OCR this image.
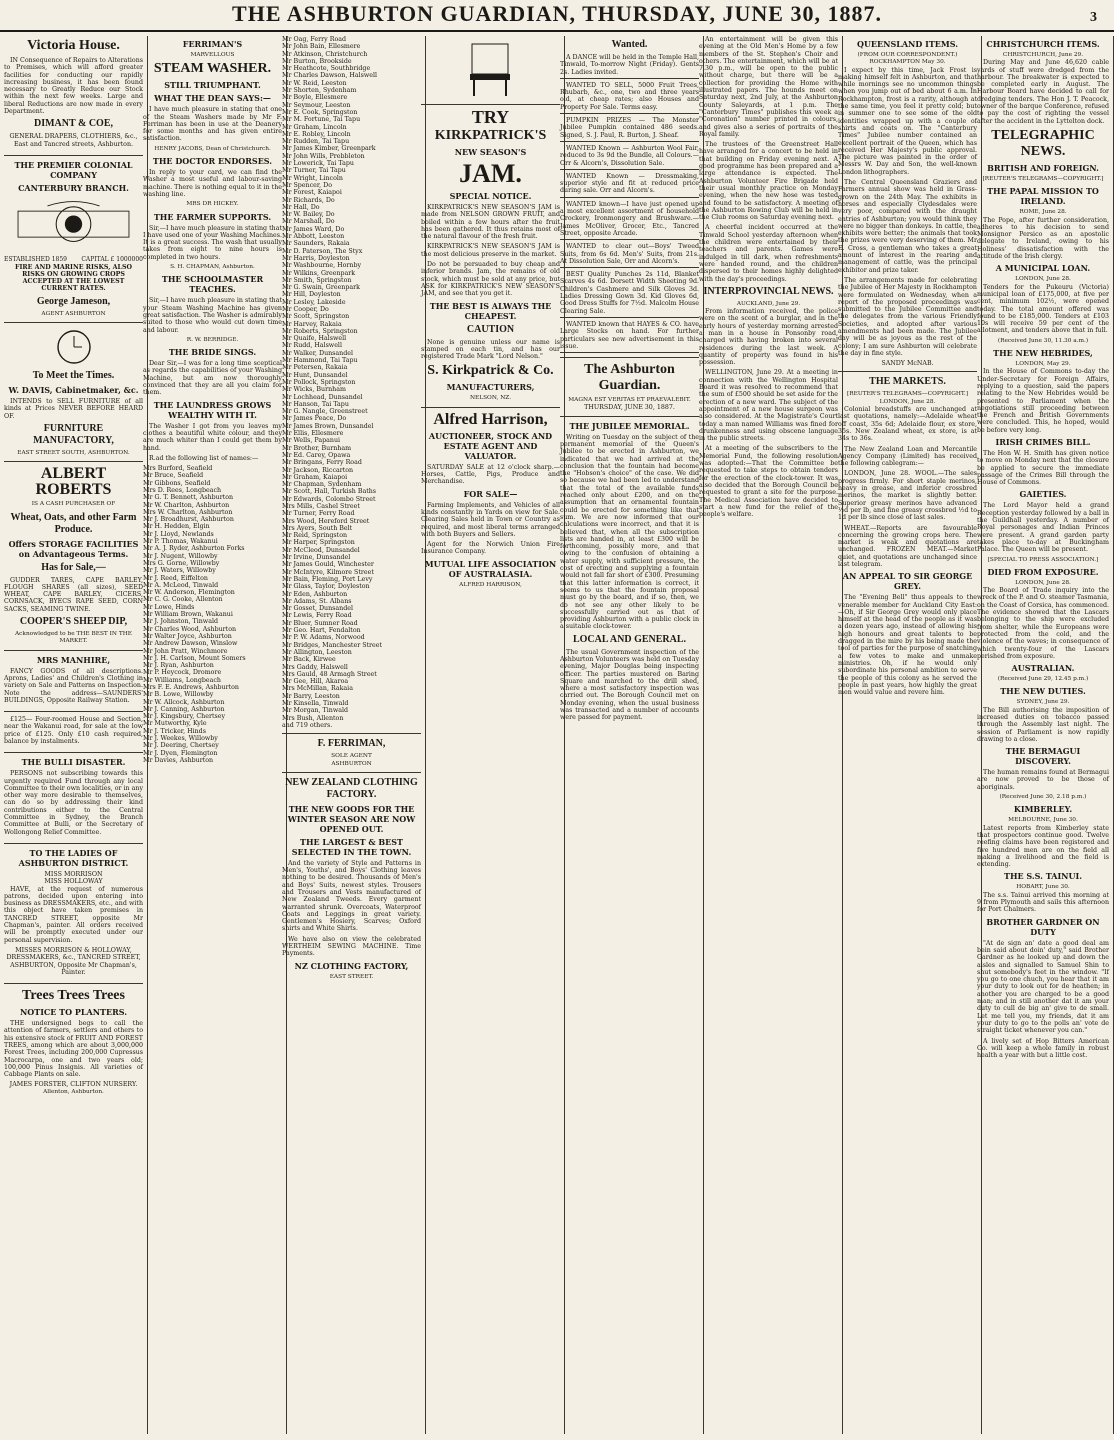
THE ASHBURTON GUARDIAN, THURSDAY, JUNE 30, 1887.	3
Victoria House.

IN Consequence of Repairs to Alterations to Premises, which will afford greater facilities for conducting our rapidly increasing business, it has been found necessary to Greatly Reduce our Stock within the next few weeks. Large and liberal Reductions are now made in every Department.

DIMANT & COE,

GENERAL DRAPERS, CLOTHIERS, &c., East and Tancred streets, Ashburton.

THE PREMIER COLONIAL COMPANY
CANTERBURY BRANCH.
ESTABLISHED 1859 CAPITAL £ 1000000

FIRE AND MARINE RISKS, ALSO RISKS ON GROWING CROPS ACCEPTED AT THE LOWEST CURRENT RATES.

George Jameson,
AGENT ASHBURTON
To Meet the Times.
W. DAVIS, Cabinetmaker, &c.

INTENDS to SELL FURNITURE of all kinds at Prices NEVER BEFORE HEARD OF.

FURNITURE MANUFACTORY,
EAST STREET SOUTH, ASHBURTON.
ALBERT ROBERTS
IS A CASH PURCHASER OF
Wheat, Oats, and other Farm Produce.
Offers STORAGE FACILITIES on Advantageous Terms.
Has for Sale,—

GUDDER TARES, CAPE BARLEY, FLOUGH SHARES (all sizes), SEED WHEAT, CAPE BARLEY, CICERS, CORNSACK, BYECS RAPE SEED, CORN SACKS, SEAMING TWINE.

COOPER'S SHEEP DIP,
Acknowledged to be THE BEST IN THE MARKET.
MRS MANHIRE,

FANCY GOODS of all descriptions. Aprons, Ladies' and Children's Clothing in variety on Sale and Patterns on Inspection. Note the address—SAUNDERS' BUILDINGS, Opposite Railway Station.

£125— Four-roomed House and Section, near the Wakanui road, for sale at the low price of £125. Only £10 cash required, balance by instalments.

THE BULLI DISASTER.

PERSONS not subscribing towards this urgently required Fund through any local Committee to their own localities, or in any other way more desirable to themselves, can do so by addressing their kind contributions either to the Central Committee in Sydney, the Branch Committee at Bulli, or the Secretary of Wollongong Relief Committee.

TO THE LADIES OF ASHBURTON DISTRICT.
MISS MORRISON
MISS HOLLOWAY

HAVE, at the request of numerous patrons, decided upon entering into business as DRESSMAKERS, etc., and with this object have taken premises in TANCRED STREET, opposite Mr Chapman's, painter. All orders received will be promptly executed under our personal supervision.

MISSES MORRISON & HOLLOWAY, DRESSMAKERS, &c., TANCRED STREET, ASHBURTON, Opposite Mr Chapman's, Painter.

Trees Trees Trees
NOTICE TO PLANTERS.

THE undersigned begs to call the attention of farmers, settlers and others to his extensive stock of FRUIT AND FOREST TREES, among which are about 3,000,000 Forest Trees, including 200,000 Cupressus Macrocarpa, one and two years old; 100,000 Pinus Insignis. All varieties of Cabbage Plants on sale.

JAMES FORSTER, CLIFTON NURSERY.
Allenton, Ashburton.
FERRIMAN'S
MARVELLOUS
STEAM WASHER.
STILL TRIUMPHANT.
WHAT THE DEAN SAYS:—

I have much pleasure in stating that one of the Steam Washers made by Mr F. Ferriman has been in use at the Deanery for some months and has given entire satisfaction.

HENRY JACOBS, Dean of Christchurch.
THE DOCTOR ENDORSES.

In reply to your card, we can find the Washer a most useful and labour-saving machine. There is nothing equal to it in the washing line.

MRS DR HICKEY.
THE FARMER SUPPORTS.

Sir,—I have much pleasure in stating that I have used one of your Washing Machines. It is a great success. The wash that usually takes from eight to nine hours is completed in two hours.

S. H. CHAPMAN, Ashburton.
THE SCHOOLMASTER TEACHES.

Sir,—I have much pleasure in stating that your Steam Washing Machine has given great satisfaction. The Washer is admirably suited to those who would cut down time and labour.

R. W. BERRIDGE.
THE BRIDE SINGS.

Dear Sir,—I was for a long time sceptical as regards the capabilities of your Washing Machine, but am now thoroughly convinced that they are all you claim for them.

THE LAUNDRESS GROWS WEALTHY WITH IT.

The Washer I got from you leaves my clothes a beautiful white colour, and they are much whiter than I could get them by hand.

R.ad the following list of names:—

Mrs Burford, Seafield
Mr Bruce, Seafield
Mr Gibbons, Seafield
Mrs D. Rees, Longbeach
Mr G. T. Bennett, Ashburton
Mr W. Charlton, Ashburton
Mrs W. Charlton, Ashburton
Mr J. Broadhurst, Ashburton
Mr H. Hedden, Elgin
Mr J. Lloyd, Newlands
Mr P. Thomas, Wakanui
Mr A. J. Ryder, Ashburton Forks
Mr J. Nugent, Willowby
Mrs G. Gorne, Willowby
Mr J. Waters, Willowby
Mr J. Reed, Eiffelton
Mr A. McLeod, Tinwald
Mr W. Anderson, Flemington
Mr C. G. Cooke, Allenton
Mr Lowe, Hinds
Mr William Brown, Wakanui
Mr J. Johnston, Tinwald
Mr Charles Wood, Ashburton
Mr Walter Joyce, Ashburton
Mr Andrew Dawson, Winslow
Mr John Pratt, Winchmore
Mr J. H. Carlson, Mount Somers
Mr J. Ryan, Ashburton
Mr P. Heycock, Dromore
Mr Williams, Longbeach
Mrs F. E. Andrews, Ashburton
Mr B. Lowe, Willowby
Mr W. Allcock, Ashburton
Mr J. Canning, Ashburton
Mr J. Kingsbury, Chertsey
Mr Mutworthy, Kyle
Mr J. Tricker, Hinds
Mr J. Weekes, Willowby
Mr J. Deering, Chertsey
Mr J. Dyen, Flemington
Mr Davies, Ashburton
Mr Oag, Ferry Road
Mr John Bain, Ellesmere
Mr Atkinson, Christchurch
Mr Burton, Brookside
Mr Heathcote, Southbridge
Mr Charles Dawson, Halswell
Mr W. Reid, Leeston
Mr Shorten, Sydenham
Mr Boyle, Ellesmere
Mr Seymour, Leeston
Mr E. Cook, Springston
Mr M. Fortune, Tai Tapu
Mr Graham, Lincoln
Mr E. Robley, Lincoln
Mr Rudden, Tai Tapu
Mr James Kimber, Greenpark
Mr John Wills, Prebbleton
Mr Lowerick, Tai Tapu
Mr Turner, Tai Tapu
Mr Wright, Lincoln
Mr Spencer, Do
Mr Forest, Kaiapoi
Mr Richards, Do
Mr Hall, Do
Mr W. Bailey, Do
Mr Marshall, Do
Mr James Ward, Do
Mr Abbott, Leeston
Mr Saunders, Rakaia
Mr D. Paterson, The Styx
Mr Harris, Doyleston
Mr Washbourne, Hornby
Mr Wilkins, Greenpark
Mr Smith, Springston
Mr G. Swain, Greenpark
Mr Hill, Doyleston
Mr Lesley, Lakeside
Mr Cooper, Do
Mr Scott, Springston
Mr Harvey, Rakaia
Mr Roberts, Springston
Mr Quaife, Halswell
Mr Rudd, Halswell
Mr Walker, Dunsandel
Mr Hammond, Tai Tapu
Mr Petersen, Rakaia
Mr Hunt, Dunsandel
Mr Pollock, Springston
Mr Wicks, Burnham
Mr Lochhead, Dunsandel
Mr Hanson, Tai Tapu
Mr G. Nangle, Greenstreet
Mr James Peace, Do
Mr James Brown, Dunsandel
Mr Ellis, Ellesmere
Mr Wells, Papanui
Mr Brother, Burnham
Mr Ed. Carey, Opawa
Mr Bringans, Ferry Road
Mr Jackson, Riccarton
Mr Graham, Kaiapoi
Mr Chapman, Sydenham
Mr Scott, Hall, Turkish Baths
Mr Edwards, Colombo Street
Mrs Mills, Cashel Street
Mr Turner, Ferry Road
Mrs Wood, Hereford Street
Mrs Ayers, South Belt
Mr Reid, Springston
Mr Harper, Springston
Mr McCleod, Dunsandel
Mr Irvine, Dunsandel
Mr James Gould, Winchester
Mr McIntyre, Kilmore Street
Mr Bain, Fleming, Port Levy
Mr Glass, Taylor, Doyleston
Mr Eden, Ashburton
Mr Adams, St. Albans
Mr Gosset, Dunsandel
Mr Lewis, Ferry Road
Mr Bluer, Sumner Road
Mr Geo. Hart, Fendalton
Mr P. W. Adams, Norwood
Mr Bridges, Manchester Street
Mr Allington, Leeston
Mr Back, Kirwee
Mrs Gaddy, Halswell
Mrs Gauld, 48 Armagh Street
Mr Gee, Hill, Akaroa
Mrs McMillan, Rakaia
Mr Barry, Leeston
Mr Kinsella, Tinwald
Mr Morgan, Tinwald
Mrs Bush, Allenton
and 719 others.
F. FERRIMAN,
SOLE AGENT
ASHBURTON
NEW ZEALAND CLOTHING FACTORY.
THE NEW GOODS FOR THE WINTER SEASON ARE NOW OPENED OUT.
THE LARGEST & BEST SELECTED IN THE TOWN.

And the variety of Style and Patterns in Men's, Youths', and Boys' Clothing leaves nothing to be desired. Thousands of Men's and Boys' Suits, newest styles. Trousers and Trousers and Vests manufactured of New Zealand Tweeds. Every garment warranted shrunk. Overcoats, Waterproof Coats and Leggings in great variety. Gentlemen's Hosiery, Scarves; Oxford shirts and White Shirts.

We have also on view the celebrated WERTHEIM SEWING MACHINE. Time Payments.

NZ CLOTHING FACTORY,
EAST STREET.
TRY
KIRKPATRICK'S
NEW SEASON'S
JAM.
SPECIAL NOTICE.

KIRKPATRICK'S NEW SEASON'S JAM is made from NELSON GROWN FRUIT, and boiled within a few hours after the fruit has been gathered. It thus retains most of the natural flavour of the fresh fruit.

KIRKPATRICK'S NEW SEASON'S JAM is the most delicious preserve in the market.

Do not be persuaded to buy cheap and inferior brands. Jam, the remains of old stock, which must be sold at any price, but ASK for KIRKPATRICK'S NEW SEASON'S JAM, and see that you get it.

THE BEST IS ALWAYS THE CHEAPEST.
CAUTION

None is genuine unless our name is stamped on each tin, and has our registered Trade Mark "Lord Nelson."

S. Kirkpatrick & Co.
MANUFACTURERS,
NELSON, NZ.
Alfred Harrison,
AUCTIONEER, STOCK AND ESTATE AGENT AND VALUATOR.

SATURDAY SALE at 12 o'clock sharp.—Horses, Cattle, Pigs, Produce and Merchandise.

FOR SALE—

Farming Implements, and Vehicles of all kinds constantly in Yards on view for Sale. Clearing Sales held in Town or Country as required, and most liberal terms arranged with both Buyers and Sellers.

Agent for the Norwich Union Fire Insurance Company.

MUTUAL LIFE ASSOCIATION OF AUSTRALASIA.
ALFRED HARRISON,
Wanted.

A DANCE will be held in the Temple Hall, Tinwald, To-morrow Night (Friday). Gents 2s. Ladies invited.

WANTED TO SELL, 5000 Fruit Trees, Rhubarb, &c., one, two and three years old, at cheap rates; also Houses and Property For Sale. Terms easy.

PUMPKIN PRIZES — The Monster Jubilee Pumpkin contained 486 seeds. Signed, S. J. Paul, R. Burton, J. Sheaf.

WANTED Known — Ashburton Wool Fair, reduced to 3s 9d the Bundle, all Colours.—Orr & Alcorn's, Dissolution Sale.

WANTED Known — Dressmaking, superior style and fit at reduced price during sale. Orr and Alcorn's.

WANTED known—I have just opened up a most excellent assortment of household Crockery, Ironmongery and Brushware.—James McOliver, Grocer, Etc., Tancred Street, opposite Arcade.

WANTED to clear out—Boys' Tweed Suits, from 6s 6d. Men's' Suits, from 21s. At Dissolution Sale, Orr and Alcorn's.

BEST Quality Punches 2s 11d, Blanket Scarves 4s 6d. Dorsett Width Sheeting 9d. Children's Cashmere and Silk Gloves 3d. Ladies Dressing Gown 3d. Kid Gloves 6d, Good Dress Stuffs for 7½d. Malcolm House Clearing Sale.

WANTED known that HAYES & CO. have Large Stocks on hand. For further particulars see new advertisement in this issue.

The Ashburton Guardian.
MAGNA EST VERITAS ET PRAEVALEBIT.
THURSDAY, JUNE 30, 1887.
THE JUBILEE MEMORIAL.

Writing on Tuesday on the subject of the permanent memorial of the Queen's Jubilee to be erected in Ashburton, we indicated that we had arrived at the conclusion that the fountain had become the "Hobson's choice" of the case. We did so because we had been led to understand that the total of the available funds reached only about £200, and on the assumption that an ornamental fountain could be erected for something like that sum. We are now informed that our calculations were incorrect, and that it is believed that, when all the subscription lists are handed in, at least £300 will be forthcoming, possibly more, and that owing to the confusion of obtaining a water supply, with sufficient pressure, the cost of erecting and supplying a fountain would not fall far short of £300. Presuming that this latter information is correct, it seems to us that the fountain proposal must go by the board, and if so, then, we do not see any other likely to be successfully carried out as that of providing Ashburton with a public clock in a suitable clock-tower.

LOCAL AND GENERAL.

The usual Government inspection of the Ashburton Volunteers was held on Tuesday evening, Major Douglas being inspecting officer. The parties mustered on Baring Square and marched to the drill shed, where a most satisfactory inspection was carried out. The Borough Council met on Monday evening, when the usual business was transacted and a number of accounts were passed for payment.

An entertainment will be given this evening at the Old Men's Home by a few members of the St. Stephen's Choir and others. The entertainment, which will be at 7.30 p.m., will be open to the public without charge, but there will be a collection for providing the Home with illustrated papers. The hounds meet on Saturday next, 2nd July, at the Ashburton County Saleyards, at 1 p.m. The "Canterbury Times" publishes this week a "Coronation" number printed in colours, and gives also a series of portraits of the Royal family.

The trustees of the Greenstreet Hall have arranged for a concert to be held in that building on Friday evening next. A good programme has been prepared and a large attendance is expected. The Ashburton Volunteer Fire Brigade held their usual monthly practice on Monday evening, when the new hose was tested and found to be satisfactory. A meeting of the Ashburton Rowing Club will be held in the Club rooms on Saturday evening next.

A cheerful incident occurred at the Tinwald School yesterday afternoon when the children were entertained by their teachers and parents. Games were indulged in till dark, when refreshments were handed round, and the children dispersed to their homes highly delighted with the day's proceedings.

INTERPROVINCIAL NEWS.
AUCKLAND, June 29.

From information received, the police were on the scent of a burglar, and in the early hours of yesterday morning arrested a man in a house in Ponsonby road, charged with having broken into several residences during the last week. A quantity of property was found in his possession.

WELLINGTON, June 29. At a meeting in connection with the Wellington Hospital Board it was resolved to recommend that the sum of £500 should be set aside for the erection of a new ward. The subject of the appointment of a new house surgeon was also considered. At the Magistrate's Court today a man named Williams was fined for drunkenness and using obscene language in the public streets.

At a meeting of the subscribers to the Memorial Fund, the following resolution was adopted:—That the Committee be requested to take steps to obtain tenders for the erection of the clock-tower. It was also decided that the Borough Council be requested to grant a site for the purpose. The Medical Association have decided to start a new fund for the relief of the people's welfare.

QUEENSLAND ITEMS.
(FROM OUR CORRESPONDENT.)
ROCKHAMPTON May 30.

I expect by this time, Jack Frost is making himself felt in Ashburton, and that while mornings see no uncommon things when you jump out of bed about 6 a.m. In Rockhampton, frost is a rarity, although at the same time, you feel it pretty cold; but in summer one to see some of the old identities wrapped up with a couple of shirts and coats on. The "Canterbury Times" Jubilee number contained an excellent portrait of the Queen, which has received Her Majesty's public approval. The picture was painted in the order of Messrs W. Day and Son, the well-known London lithographers.

The Central Queensland Graziers and Farmers annual show was held in Grass-grown on the 24th May. The exhibits in horses and especially Clydesdales were very poor, compared with the draught entries of Ashburton; you would think they were no bigger than donkeys. In cattle, the exhibits were better; the animals that took the prizes were very deserving of them. Mr E. Cross, a gentleman who takes a great amount of interest in the rearing and management of cattle, was the principal exhibitor and prize taker.

The arrangements made for celebrating the Jubilee of Her Majesty in Rockhampton were formulated on Wednesday, when a report of the proposed proceedings was submitted to the Jubilee Committee and the delegates from the various Friendly Societies, and adopted after various amendments had been made. The Jubilee day will be as joyous as the rest of the colony; I am sure Ashburton will celebrate the day in fine style.

SANDY McNAB.
THE MARKETS.
[REUTER'S TELEGRAMS—COPYRIGHT.]
LONDON, June 28.

Colonial breadstuffs are unchanged at last quotations, namely:—Adelaide wheat off coast, 35s 6d; Adelaide flour, ex store, 35s. New Zealand wheat, ex store, is at 34s to 36s.

The New Zealand Loan and Mercantile Agency Company (Limited) has received the following cablegram:—

LONDON, June 28. WOOL.—The sales progress firmly. For short staple merinos, heavy in grease, and inferior crossbred merinos, the market is slightly better. Superior greasy merinos have advanced ½d per lb, and fine greasy crossbred ½d to 1d per lb since close of last sales.

WHEAT.—Reports are favourable concerning the growing crops here. The market is weak and quotations are unchanged. FROZEN MEAT.—Market quiet, and quotations are unchanged since last telegram.

AN APPEAL TO SIR GEORGE GREY.

The "Evening Bell" thus appeals to the venerable member for Auckland City East:—Oh, if Sir George Grey would only place himself at the head of the people as it was a dozen years ago, instead of allowing his high honours and great talents to be dragged in the mire by his being made the tool of parties for the purpose of snatching a few votes to make and unmake ministries. Oh, if he would only subordinate his personal ambition to serve the people of this colony as he served the people in past years, how highly the great men would value and revere him.

CHRISTCHURCH ITEMS.
CHRISTCHURCH, June 29.

During May and June 46,620 cable yards of stuff were dredged from the harbour. The breakwater is expected to be completed early in August. The Harbour Board have decided to call for dredging tenders. The Hon J. T. Peacock, owner of the barque Conference, refused to pay the cost of righting the vessel after the accident in the Lyttelton dock.

TELEGRAPHIC NEWS.
BRITISH AND FOREIGN.
[REUTER'S TELEGRAMS—COPYRIGHT.]
THE PAPAL MISSION TO IRELAND.
ROME, June 28.

The Pope, after further consideration, adheres to his decision to send Monsignor Persico as an apostolic delegate to Ireland, owing to his Holiness' dissatisfaction with the attitude of the Irish clergy.

A MUNICIPAL LOAN.
LONDON, June 28.

Tenders for the Pukeuru (Victoria) municipal loan of £175,000, at five per cent, minimum 102½, were opened today. The total amount offered was found to be £185,000. Tenders at £103 10s will receive 59 per cent of the allotment, and tenders above that in full.

(Received June 30, 11.30 a.m.)
THE NEW HEBRIDES,
LONDON, May 29.

In the House of Commons to-day the Under-Secretary for Foreign Affairs, replying to a question, said the papers relating to the New Hebrides would be presented to Parliament when the negotiations still proceeding between the French and British Governments were concluded. This, he hoped, would be before very long.

IRISH CRIMES BILL.

The Hon W. H. Smith has given notice to move on Monday next that the closure be applied to secure the immediate passage of the Crimes Bill through the House of Commons.

GAIETIES.

The Lord Mayor held a grand Reception yesterday followed by a ball in the Guildhall yesterday. A number of Royal personages and Indian Princes were present. A grand garden party takes place to-day at Buckingham Palace. The Queen will be present.

[SPECIAL TO PRESS ASSOCIATION.]
DIED FROM EXPOSURE.
LONDON, June 28.

The Board of Trade inquiry into the wreck of the P. and O. steamer Tasmania, on the Coast of Corsica, has commenced. The evidence showed that the Lascars belonging to the ship were excluded from shelter, while the Europeans were protected from the cold, and the violence of the waves; in consequence of which twenty-four of the Lascars perished from exposure.

AUSTRALIAN.
(Received June 29, 12.45 p.m.)
THE NEW DUTIES.
SYDNEY, June 29.

The Bill authorising the imposition of increased duties on tobacco passed through the Assembly last night. The session of Parliament is now rapidly drawing to a close.

THE BERMAGUI DISCOVERY.

The human remains found at Bermagui are now proved to be those of aboriginals.

(Received June 30, 2.18 p.m.)
KIMBERLEY.
MELBOURNE, June 30.

Latest reports from Kimberley state that prospectors continue good. Twelve reefing claims have been registered and five hundred men are on the field all making a livelihood and the field is extending.

THE S.S. TAINUI.
HOBART, June 30.

The s.s. Tainui arrived this morning at 9 from Plymouth and sails this afternoon for Port Chalmers.

BROTHER GARDNER ON DUTY

"At de sign an' date a good deal am bein said about doin' duty," said Brother Gardner as he looked up and down the aisles and signalled to Samuel Shin to shut somebody's feet in the window. "If you go to one chuch, you hear that it am your duty to look out for de heathen; in another you are charged to be a good man; and in still another dat it am your duty to cull de big an' give to de small. Let me tell you, my friends, dat it am your duty to go to the polls an' vote de straight ticket whenever you can."

A lively set of Hop Bitters American Co. will keep a whole family in robust health a year with but a little cost.
